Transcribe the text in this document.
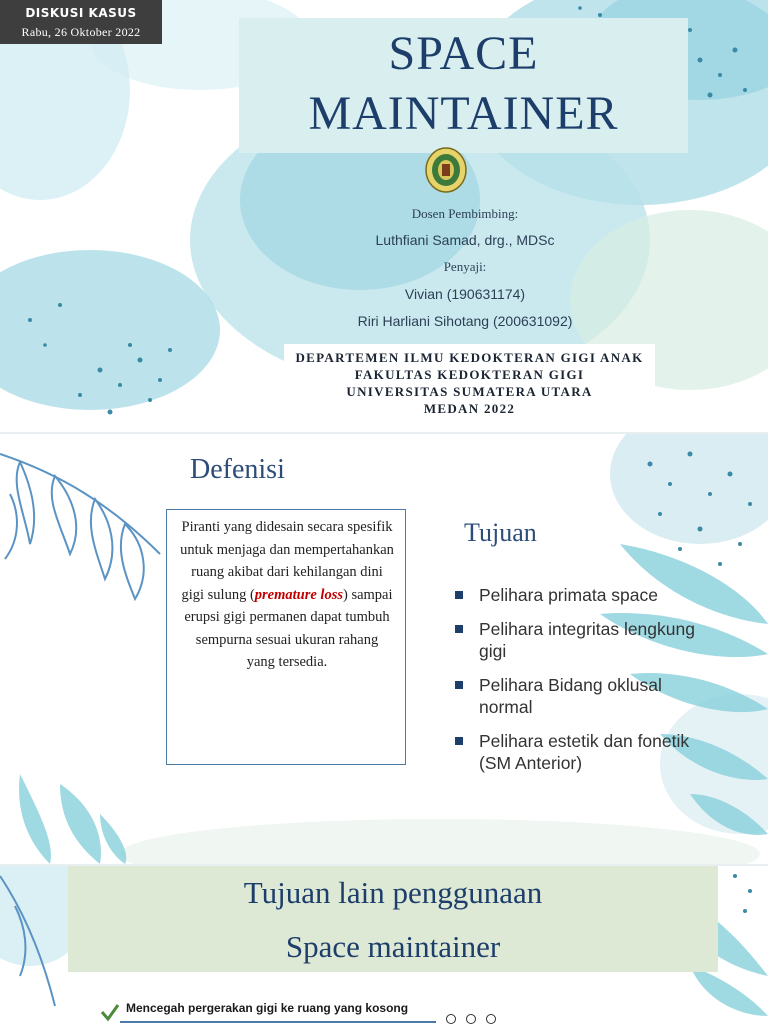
DISKUSI KASUS
Rabu, 26 Oktober 2022	SPACE
MAINTAINER
Dosen Pembimbing:
Luthfiani Samad, drg., MDSc
Penyaji:
Vivian (190631174)
Riri Harliani Sihotang (200631092)
DEPARTEMEN ILMU KEDOKTERAN GIGI ANAK
FAKULTAS KEDOKTERAN GIGI
UNIVERSITAS SUMATERA UTARA
MEDAN 2022
Defenisi
Piranti yang didesain secara spesifik untuk menjaga dan mempertahankan ruang akibat dari kehilangan dini gigi sulung (premature loss) sampai erupsi gigi permanen dapat tumbuh sempurna sesuai ukuran rahang yang tersedia.
Tujuan
Pelihara primata space
Pelihara integritas lengkung gigi
Pelihara Bidang oklusal normal
Pelihara estetik dan fonetik (SM Anterior)
Tujuan lain penggunaan
Space maintainer
Mencegah pergerakan gigi ke ruang yang kosong
